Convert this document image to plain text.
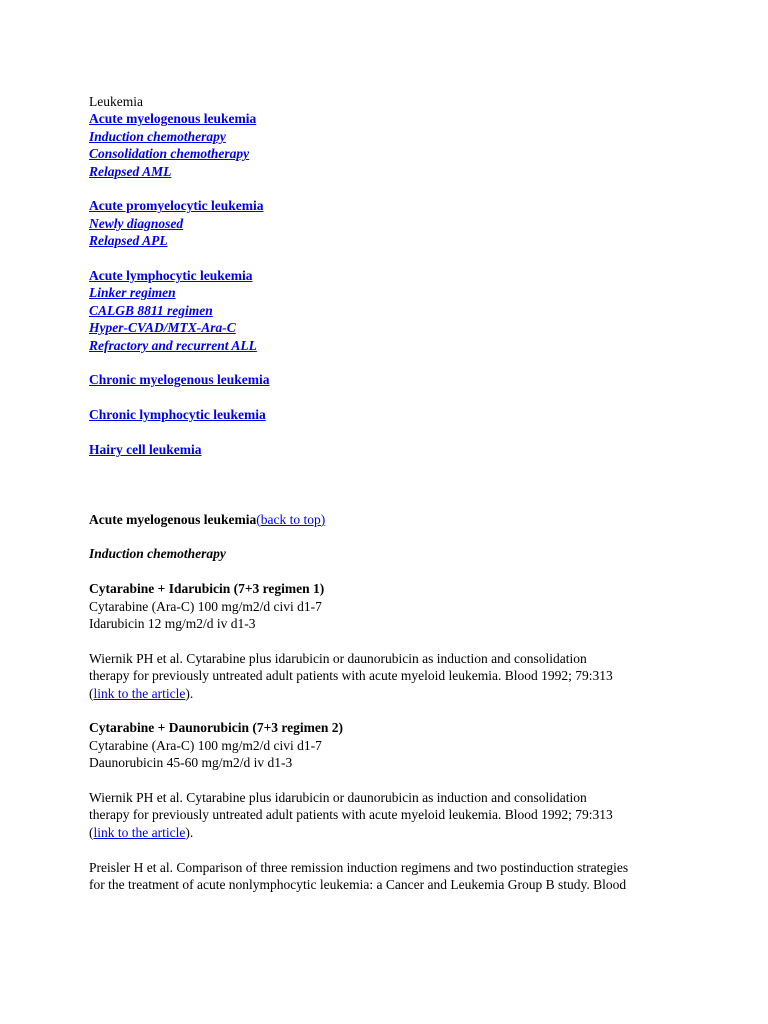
Leukemia
Acute myelogenous leukemia
Induction chemotherapy
Consolidation chemotherapy
Relapsed AML
Acute promyelocytic leukemia
Newly diagnosed
Relapsed APL
Acute lymphocytic leukemia
Linker regimen
CALGB 8811 regimen
Hyper-CVAD/MTX-Ara-C
Refractory and recurrent ALL
Chronic myelogenous leukemia
Chronic lymphocytic leukemia
Hairy cell leukemia
Acute myelogenous leukemia(back to top)
Induction chemotherapy
Cytarabine + Idarubicin (7+3 regimen 1)
Cytarabine (Ara-C) 100 mg/m2/d civi d1-7
Idarubicin 12 mg/m2/d iv d1-3
Wiernik PH et al. Cytarabine plus idarubicin or daunorubicin as induction and consolidation
therapy for previously untreated adult patients with acute myeloid leukemia. Blood 1992; 79:313
(link to the article).
Cytarabine + Daunorubicin (7+3 regimen 2)
Cytarabine (Ara-C) 100 mg/m2/d civi d1-7
Daunorubicin 45-60 mg/m2/d iv d1-3
Wiernik PH et al. Cytarabine plus idarubicin or daunorubicin as induction and consolidation
therapy for previously untreated adult patients with acute myeloid leukemia. Blood 1992; 79:313
(link to the article).
Preisler H et al. Comparison of three remission induction regimens and two postinduction strategies
for the treatment of acute nonlymphocytic leukemia: a Cancer and Leukemia Group B study. Blood
